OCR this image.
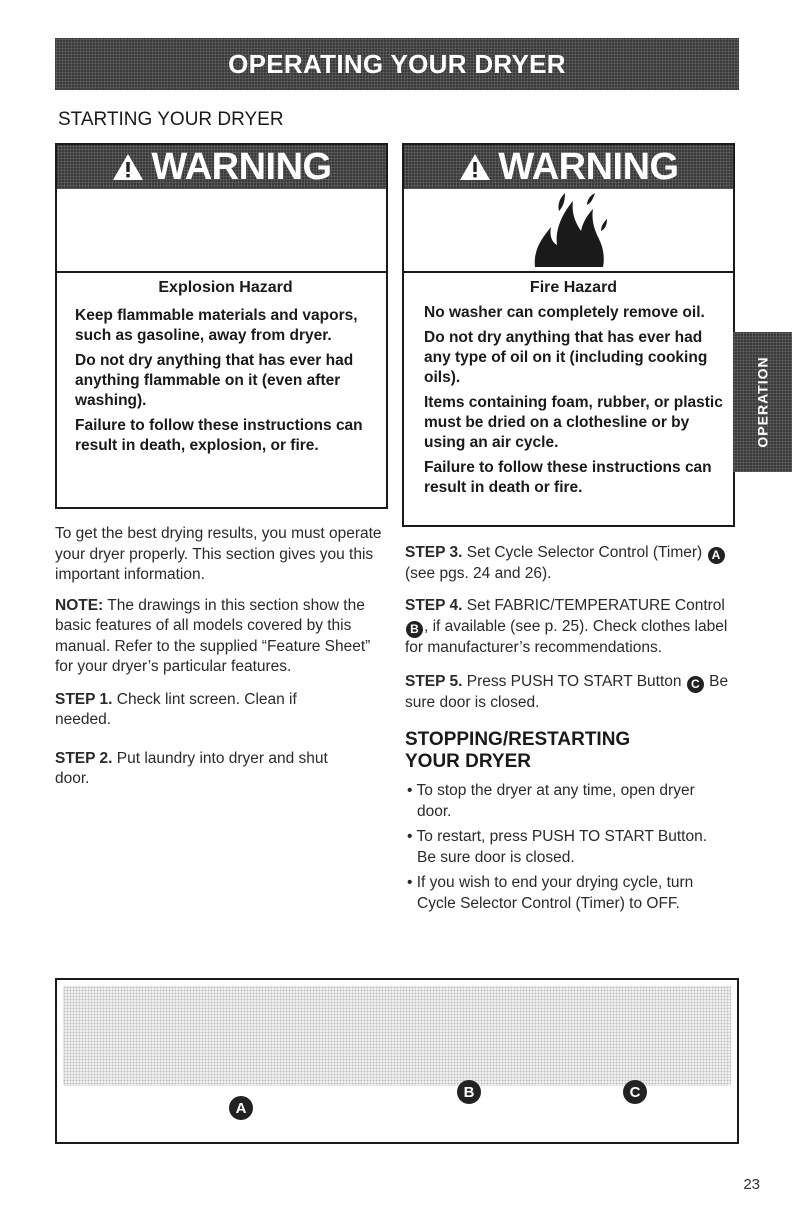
OPERATING YOUR DRYER
STARTING YOUR DRYER
WARNING
Explosion Hazard

Keep flammable materials and vapors, such as gasoline, away from dryer.

Do not dry anything that has ever had anything flammable on it (even after washing).

Failure to follow these instructions can result in death, explosion, or fire.

WARNING
Fire Hazard

No washer can completely remove oil.

Do not dry anything that has ever had any type of oil on it (including cooking oils).

Items containing foam, rubber, or plastic must be dried on a clothesline or by using an air cycle.

Failure to follow these instructions can result in death or fire.

OPERATION

To get the best drying results, you must operate your dryer properly. This section gives you this important information.

NOTE: The drawings in this section show the basic features of all models covered by this manual. Refer to the supplied “Feature Sheet” for your dryer’s particular features.

STEP 1. Check lint screen. Clean if needed.

STEP 2. Put laundry into dryer and shut door.

STEP 3. Set Cycle Selector Control (Timer) A(see pgs. 24 and 26).

STEP 4. Set FABRIC/TEMPERATURE Control B , if available (see p. 25). Check clothes label for manufacturer’s recommendations.

STEP 5. Press PUSH TO START Button C Be sure door is closed.

STOPPING/RESTARTING
YOUR DRYER
• To stop the dryer at any time, open dryer door.
• To restart, press PUSH TO START Button. Be sure door is closed.
• If you wish to end your drying cycle, turn Cycle Selector Control (Timer) to OFF.
A
B	C
23
